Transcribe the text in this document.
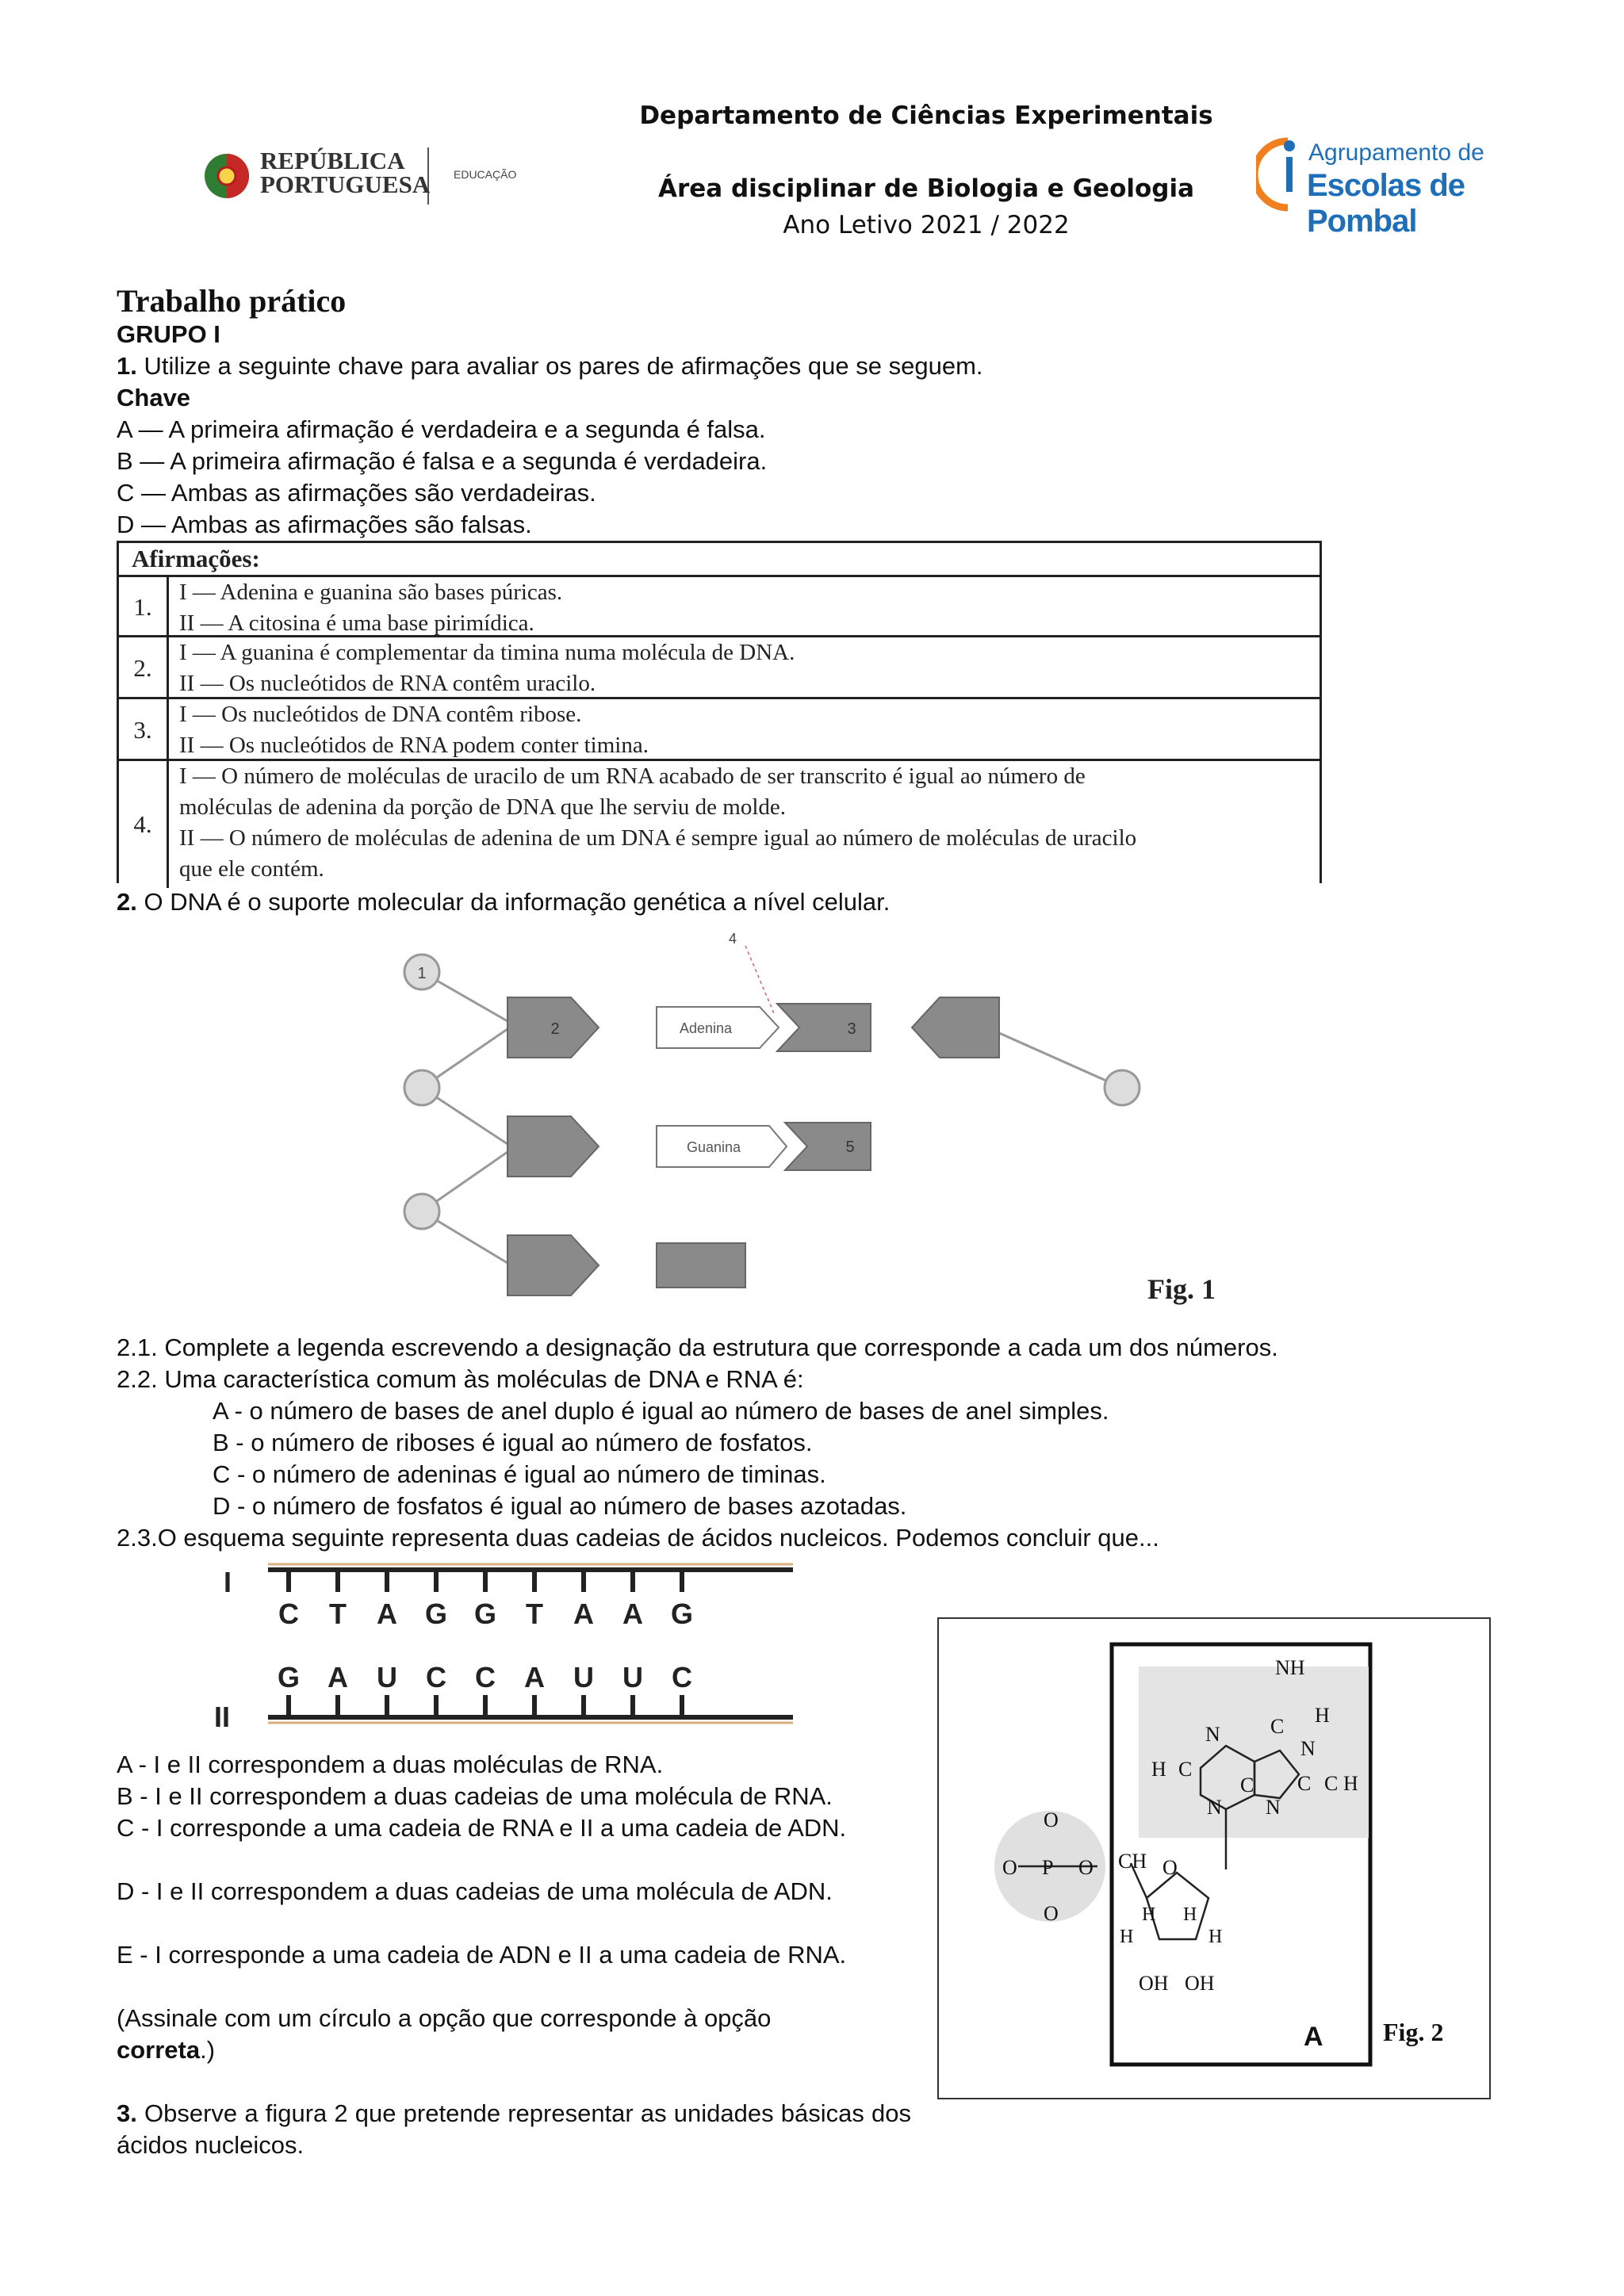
REPÚBLICA
PORTUGUESA EDUCAÇÃO
Departamento de Ciências Experimentais
Área disciplinar de Biologia e Geologia
Ano Letivo 2021 / 2022
Agrupamento de
Escolas de Pombal
Trabalho prático
GRUPO I
1. Utilize a seguinte chave para avaliar os pares de afirmações que se seguem.
Chave
A — A primeira afirmação é verdadeira e a segunda é falsa.
B — A primeira afirmação é falsa e a segunda é verdadeira.
C — Ambas as afirmações são verdadeiras.
D — Ambas as afirmações são falsas.
Afirmações:
1.
I — Adenina e guanina são bases púricas.
II — A citosina é uma base pirimídica.
2.
I — A guanina é complementar da timina numa molécula de DNA.
II — Os nucleótidos de RNA contêm uracilo.
3.
I — Os nucleótidos de DNA contêm ribose.
II — Os nucleótidos de RNA podem conter timina.
4.
I — O número de moléculas de uracilo de um RNA acabado de ser transcrito é igual ao número de
moléculas de adenina da porção de DNA que lhe serviu de molde.
II — O número de moléculas de adenina de um DNA é sempre igual ao número de moléculas de uracilo
que ele contém.
2. O DNA é o suporte molecular da informação genética a nível celular.
1
2	3
4
5
Adenina
Guanina
Fig. 1
2.1. Complete a legenda escrevendo a designação da estrutura que corresponde a cada um dos números.
2.2. Uma característica comum às moléculas de DNA e RNA é:
A - o número de bases de anel duplo é igual ao número de bases de anel simples.
B - o número de riboses é igual ao número de fosfatos.
C - o número de adeninas é igual ao número de timinas.
D - o número de fosfatos é igual ao número de bases azotadas.
2.3.O esquema seguinte representa duas cadeias de ácidos nucleicos. Podemos concluir que...
I
II
C T A G G T A A G
G A U C C A U U C
A - I e II correspondem a duas moléculas de RNA.
B - I e II correspondem a duas cadeias de uma molécula de RNA.
C - I corresponde a uma cadeia de RNA e II a uma cadeia de ADN.
D - I e II correspondem a duas cadeias de uma molécula de ADN.
E - I corresponde a uma cadeia de ADN e II a uma cadeia de RNA.
(Assinale com um círculo a opção que corresponde à opção
correta.)
3. Observe a figura 2 que pretende representar as unidades básicas dos ácidos nucleicos.
NH
N C
N
C H
H C
N
C
N
C
H
O
O P
O
O CH O
H H
H	H
OH OH
A Fig. 2
